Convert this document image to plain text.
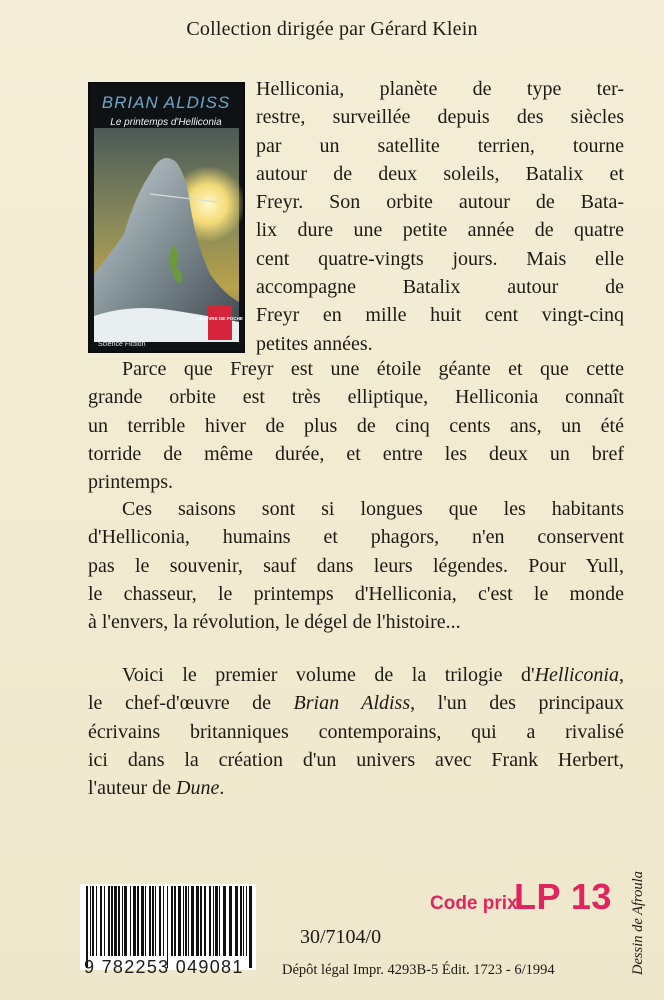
Collection dirigée par Gérard Klein
BRIAN ALDISS
Le printemps d'Helliconia
LE LIVRE DE POCHE
Science Fiction
Helliconia, planète de type ter-
restre, surveillée depuis des siècles
par un satellite terrien, tourne
autour de deux soleils, Batalix et
Freyr. Son orbite autour de Bata-
lix dure une petite année de quatre
cent quatre-vingts jours. Mais elle
accompagne Batalix autour de
Freyr en mille huit cent vingt-cinq
petites années.
Parce que Freyr est une étoile géante et que cette
grande orbite est très elliptique, Helliconia connaît
un terrible hiver de plus de cinq cents ans, un été
torride de même durée, et entre les deux un bref
printemps.
Ces saisons sont si longues que les habitants
d'Helliconia, humains et phagors, n'en conservent
pas le souvenir, sauf dans leurs légendes. Pour Yull,
le chasseur, le printemps d'Helliconia, c'est le monde
à l'envers, la révolution, le dégel de l'histoire...
Voici le premier volume de la trilogie d'Helliconia,
le chef-d'œuvre de Brian Aldiss, l'un des principaux
écrivains britanniques contemporains, qui a rivalisé
ici dans la création d'un univers avec Frank Herbert,
l'auteur de Dune.
9 782253 049081
Code prix
LP 13
30/7104/0
Dépôt légal Impr. 4293B-5 Édit. 1723 - 6/1994	Dessin de Afroula
